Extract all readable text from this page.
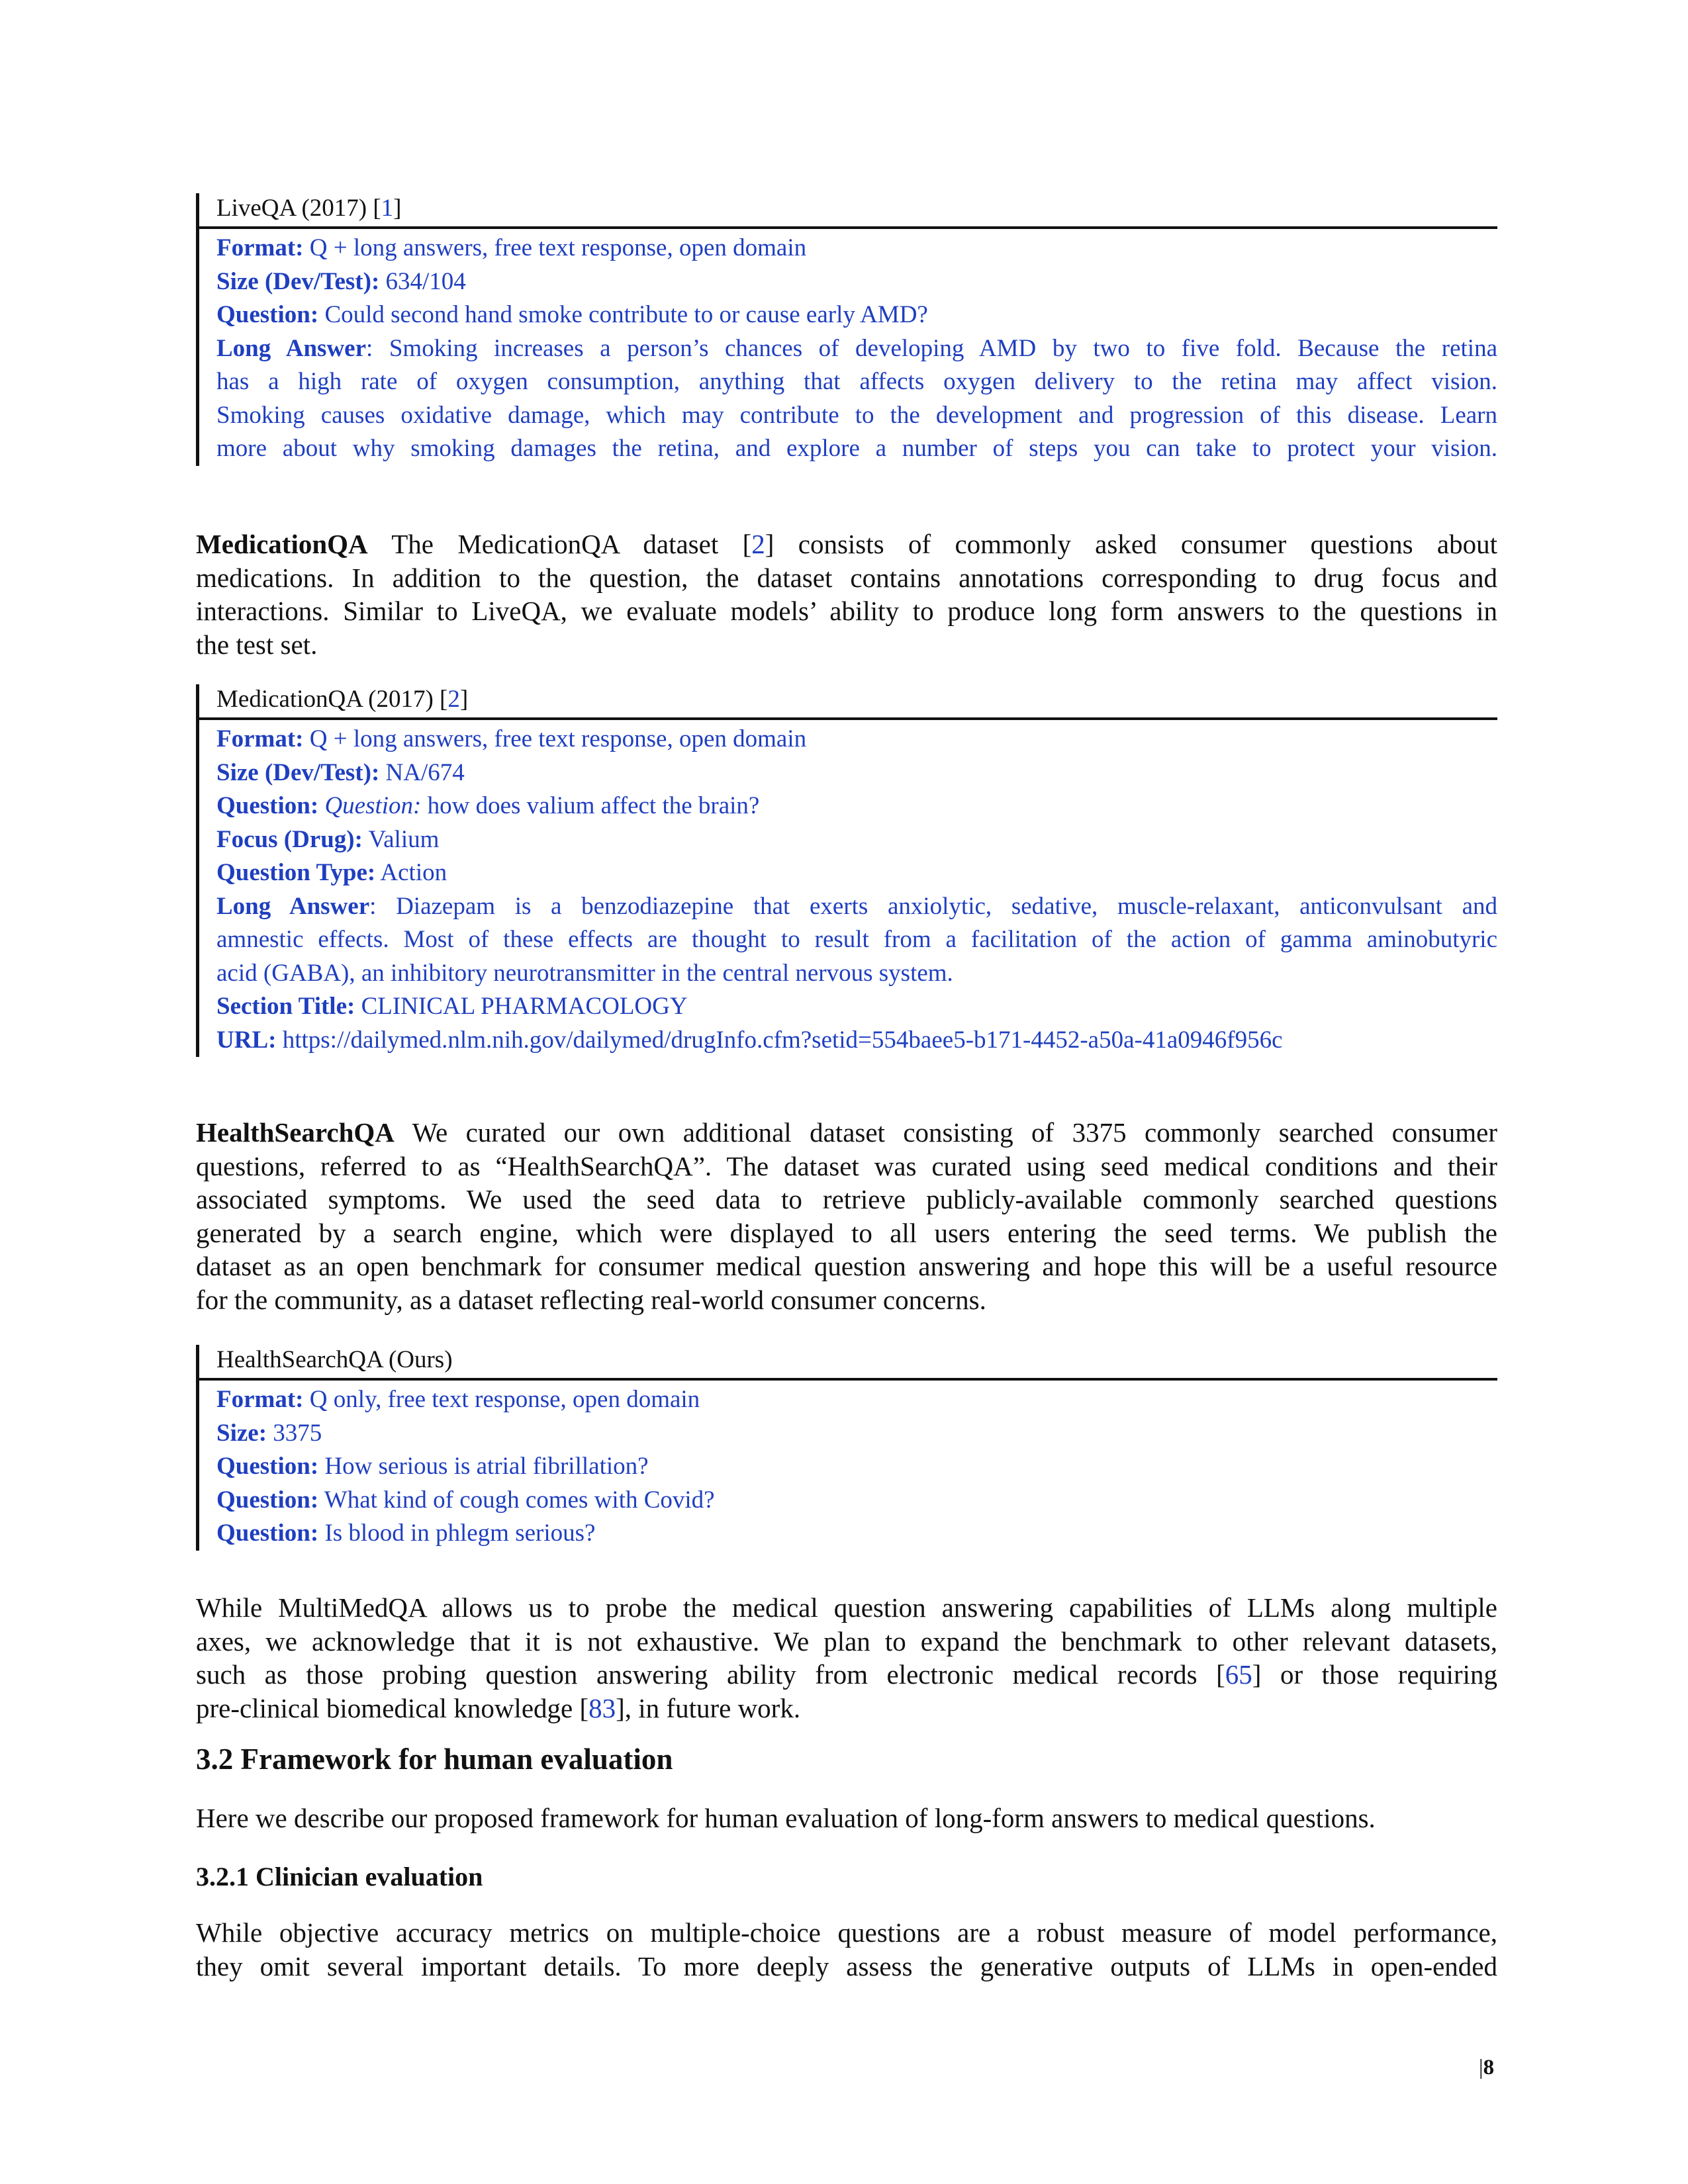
LiveQA (2017) [1]
Format: Q + long answers, free text response, open domain
Size (Dev/Test): 634/104
Question: Could second hand smoke contribute to or cause early AMD?
Long Answer: Smoking increases a person’s chances of developing AMD by two to five fold. Because the retina
has a high rate of oxygen consumption, anything that affects oxygen delivery to the retina may affect vision.
Smoking causes oxidative damage, which may contribute to the development and progression of this disease. Learn
more about why smoking damages the retina, and explore a number of steps you can take to protect your vision.
MedicationQA The MedicationQA dataset [2] consists of commonly asked consumer questions about
medications. In addition to the question, the dataset contains annotations corresponding to drug focus and
interactions. Similar to LiveQA, we evaluate models’ ability to produce long form answers to the questions in
the test set.
MedicationQA (2017) [2]
Format: Q + long answers, free text response, open domain
Size (Dev/Test): NA/674
Question: Question: how does valium affect the brain?
Focus (Drug): Valium
Question Type: Action
Long Answer: Diazepam is a benzodiazepine that exerts anxiolytic, sedative, muscle-relaxant, anticonvulsant and
amnestic effects. Most of these effects are thought to result from a facilitation of the action of gamma aminobutyric
acid (GABA), an inhibitory neurotransmitter in the central nervous system.
Section Title: CLINICAL PHARMACOLOGY
URL: https://dailymed.nlm.nih.gov/dailymed/drugInfo.cfm?setid=554baee5-b171-4452-a50a-41a0946f956c
HealthSearchQA We curated our own additional dataset consisting of 3375 commonly searched consumer
questions, referred to as “HealthSearchQA”. The dataset was curated using seed medical conditions and their
associated symptoms. We used the seed data to retrieve publicly-available commonly searched questions
generated by a search engine, which were displayed to all users entering the seed terms. We publish the
dataset as an open benchmark for consumer medical question answering and hope this will be a useful resource
for the community, as a dataset reflecting real-world consumer concerns.
HealthSearchQA (Ours)
Format: Q only, free text response, open domain
Size: 3375
Question: How serious is atrial fibrillation?
Question: What kind of cough comes with Covid?
Question: Is blood in phlegm serious?
While MultiMedQA allows us to probe the medical question answering capabilities of LLMs along multiple
axes, we acknowledge that it is not exhaustive. We plan to expand the benchmark to other relevant datasets,
such as those probing question answering ability from electronic medical records [65] or those requiring
pre-clinical biomedical knowledge [83], in future work.
3.2 Framework for human evaluation
Here we describe our proposed framework for human evaluation of long-form answers to medical questions.
3.2.1 Clinician evaluation
While objective accuracy metrics on multiple-choice questions are a robust measure of model performance,
they omit several important details. To more deeply assess the generative outputs of LLMs in open-ended
|8
